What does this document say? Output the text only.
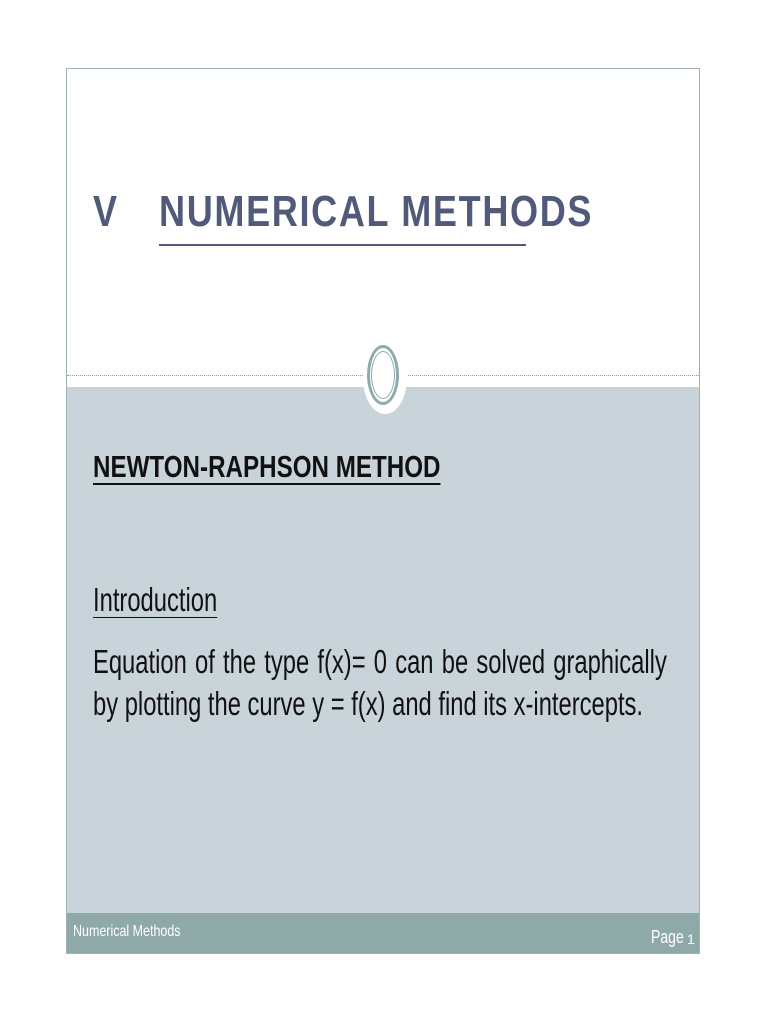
V NUMERICAL METHODS
NEWTON-RAPHSON METHOD
Introduction
Equation of the type f(x)= 0 can be solved graphically by plotting the curve y = f(x) and find its x-intercepts.
Numerical Methods	Page 1
